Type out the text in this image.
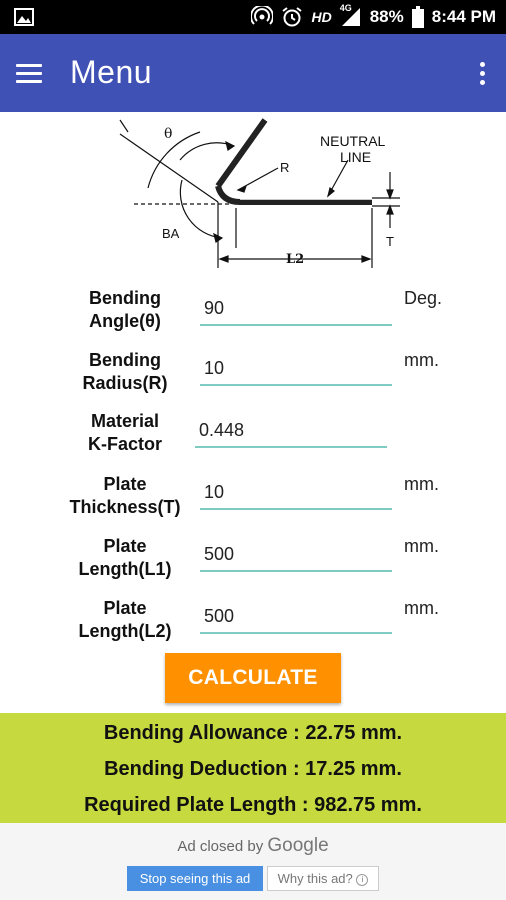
HD
4G 88% 8:44 PM
Menu
θ
R
NEUTRAL
LINE
BA
L2
T
Bending
Angle(θ)
90
Deg.
Bending
Radius(R)
10
mm.
Material
K-Factor
0.448
Plate
Thickness(T)
10
mm.
Plate
Length(L1)
500
mm.
Plate
Length(L2)
500
mm.
CALCULATE
Bending Allowance : 22.75 mm.
Bending Deduction : 17.25 mm.
Required Plate Length : 982.75 mm.
Ad closed by Google
Stop seeing this ad	Why this ad? i
